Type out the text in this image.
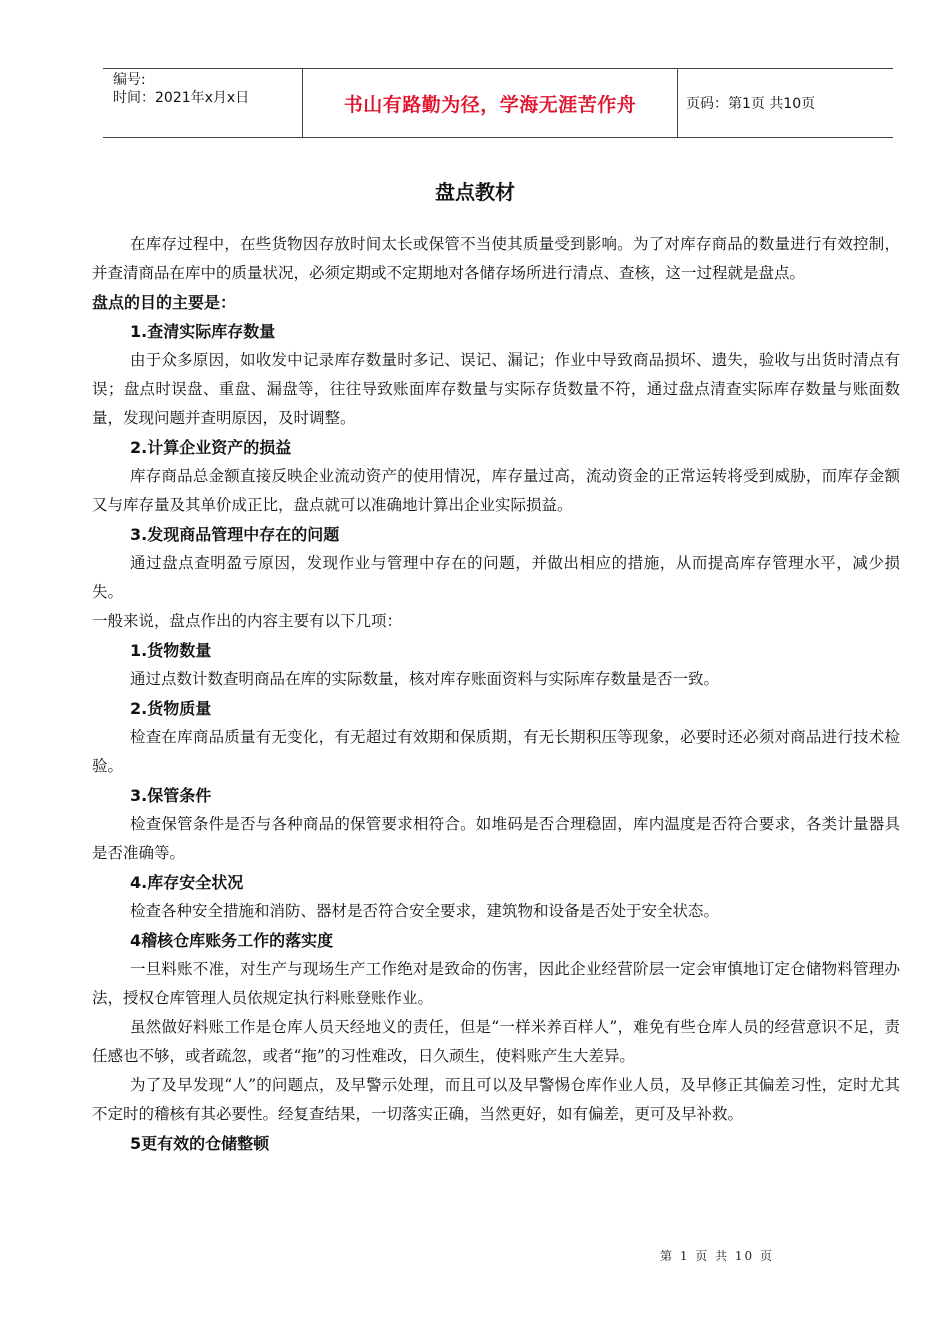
编号:
时间：2021年x月x日	书山有路勤为径，学海无涯苦作舟	页码：第1页 共10页
盘点教材

在库存过程中，在些货物因存放时间太长或保管不当使其质量受到影响。为了对库存商品的数量进行有效控制，并查清商品在库中的质量状况，必须定期或不定期地对各储存场所进行清点、查核，这一过程就是盘点。

盘点的目的主要是：

1.查清实际库存数量

由于众多原因，如收发中记录库存数量时多记、误记、漏记；作业中导致商品损坏、遗失，验收与出货时清点有误；盘点时误盘、重盘、漏盘等，往往导致账面库存数量与实际存货数量不符，通过盘点清查实际库存数量与账面数量，发现问题并查明原因，及时调整。

2.计算企业资产的损益

库存商品总金额直接反映企业流动资产的使用情况，库存量过高，流动资金的正常运转将受到威胁，而库存金额又与库存量及其单价成正比，盘点就可以准确地计算出企业实际损益。

3.发现商品管理中存在的问题

通过盘点查明盈亏原因，发现作业与管理中存在的问题，并做出相应的措施，从而提高库存管理水平，减少损失。

一般来说，盘点作出的内容主要有以下几项：

1.货物数量

通过点数计数查明商品在库的实际数量，核对库存账面资料与实际库存数量是否一致。

2.货物质量

检查在库商品质量有无变化，有无超过有效期和保质期，有无长期积压等现象，必要时还必须对商品进行技术检验。

3.保管条件

检查保管条件是否与各种商品的保管要求相符合。如堆码是否合理稳固，库内温度是否符合要求，各类计量器具是否准确等。

4.库存安全状况

检查各种安全措施和消防、器材是否符合安全要求，建筑物和设备是否处于安全状态。

4稽核仓库账务工作的落实度

一旦料账不准，对生产与现场生产工作绝对是致命的伤害，因此企业经营阶层一定会审慎地订定仓储物料管理办法，授权仓库管理人员依规定执行料账登账作业。

虽然做好料账工作是仓库人员天经地义的责任，但是“一样米养百样人”，难免有些仓库人员的经营意识不足，责任感也不够，或者疏忽，或者“拖”的习性难改，日久顽生，使料账产生大差异。

为了及早发现“人”的问题点，及早警示处理，而且可以及早警惕仓库作业人员，及早修正其偏差习性，定时尤其不定时的稽核有其必要性。经复查结果，一切落实正确，当然更好，如有偏差，更可及早补救。

5更有效的仓储整顿

第 1 页 共 10 页
